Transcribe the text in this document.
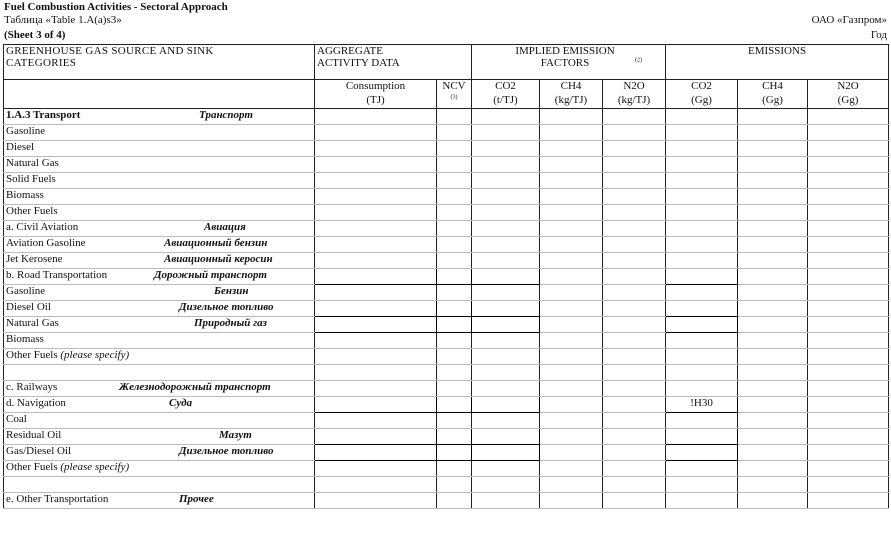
Fuel Combustion Activities - Sectoral Approach
Таблица «Table 1.A(a)s3»
(Sheet 3 of 4)
ОАО «Газпром»
Год
GREENHOUSE GAS SOURCE AND SINK CATEGORIES	AGGREGATE ACTIVITY DATA		IMPLIED EMISSION FACTORS $^{(2)}$			EMISSIONS		
	Consumption	NCV	CO2	CH4	N2O	CO2	CH4	N2O
	(TJ)	$^{(3)}$	(t/TJ)	(kg/TJ)	(kg/TJ)	(Gg)	(Gg)	(Gg)
1.A.3 Transport Транспорт								

Gasoline

Diesel

Natural Gas

Solid Fuels

Biomass

Other Fuels

a. Civil Aviation Авиация								

Aviation Gasoline Авиационный бензин								

Jet Kerosene Авиационный керосин								

b. Road Transportation Дорожный транспорт								

Gasoline Бензин								

Diesel Oil Дизельное топливо								

Natural Gas Природный газ								

Biomass

Other Fuels (please specify)

c. Railways Железнодорожный транспорт								

d. Navigation Суда						!H30		
Coal

Residual Oil Мазут								

Gas/Diesel Oil Дизельное топливо								

Other Fuels (please specify)

e. Other Transportation Прочее								
